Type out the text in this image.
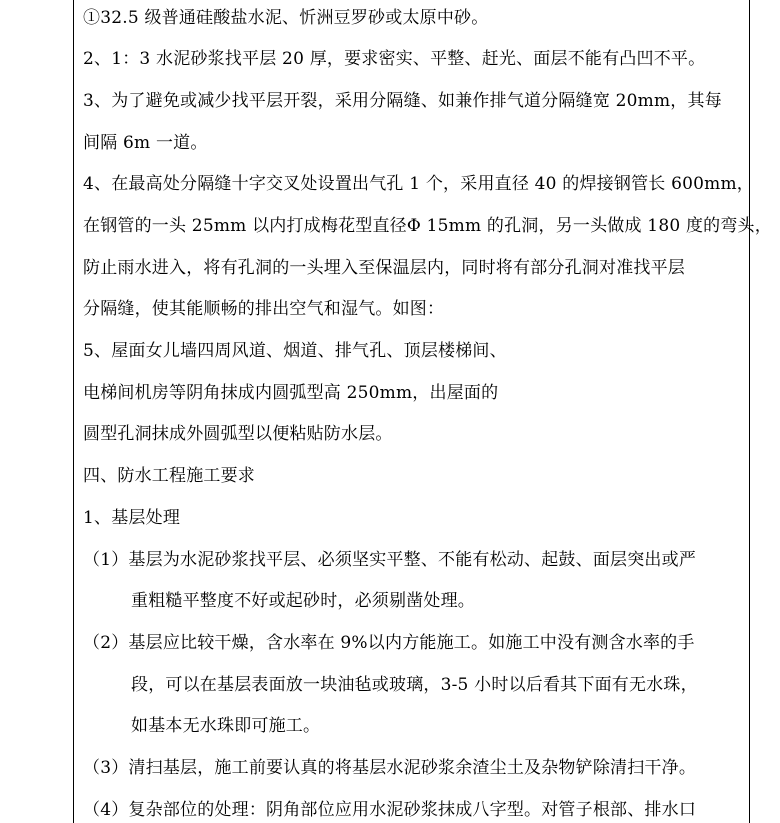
①32.5 级普通硅酸盐水泥、忻洲豆罗砂或太原中砂。
2、1：3 水泥砂浆找平层 20 厚，要求密实、平整、赶光、面层不能有凸凹不平。
3、为了避免或减少找平层开裂，采用分隔缝、如兼作排气道分隔缝宽 20mm，其每
间隔 6m 一道。
4、在最高处分隔缝十字交叉处设置出气孔 1 个，采用直径 40 的焊接钢管长 600mm，
在钢管的一头 25mm 以内打成梅花型直径Φ 15mm 的孔洞，另一头做成 180 度的弯头，
防止雨水进入，将有孔洞的一头埋入至保温层内，同时将有部分孔洞对准找平层
分隔缝，使其能顺畅的排出空气和湿气。如图：
5、屋面女儿墙四周风道、烟道、排气孔、顶层楼梯间、
电梯间机房等阴角抹成内圆弧型高 250mm，出屋面的
圆型孔洞抹成外圆弧型以便粘贴防水层。
四、防水工程施工要求
1、基层处理
（1）基层为水泥砂浆找平层、必须坚实平整、不能有松动、起鼓、面层突出或严
重粗糙平整度不好或起砂时，必须剔凿处理。
（2）基层应比较干燥，含水率在 9%以内方能施工。如施工中没有测含水率的手
段，可以在基层表面放一块油毡或玻璃，3-5 小时以后看其下面有无水珠，
如基本无水珠即可施工。
（3）清扫基层，施工前要认真的将基层水泥砂浆余渣尘土及杂物铲除清扫干净。
（4）复杂部位的处理：阴角部位应用水泥砂浆抹成八字型。对管子根部、排水口
